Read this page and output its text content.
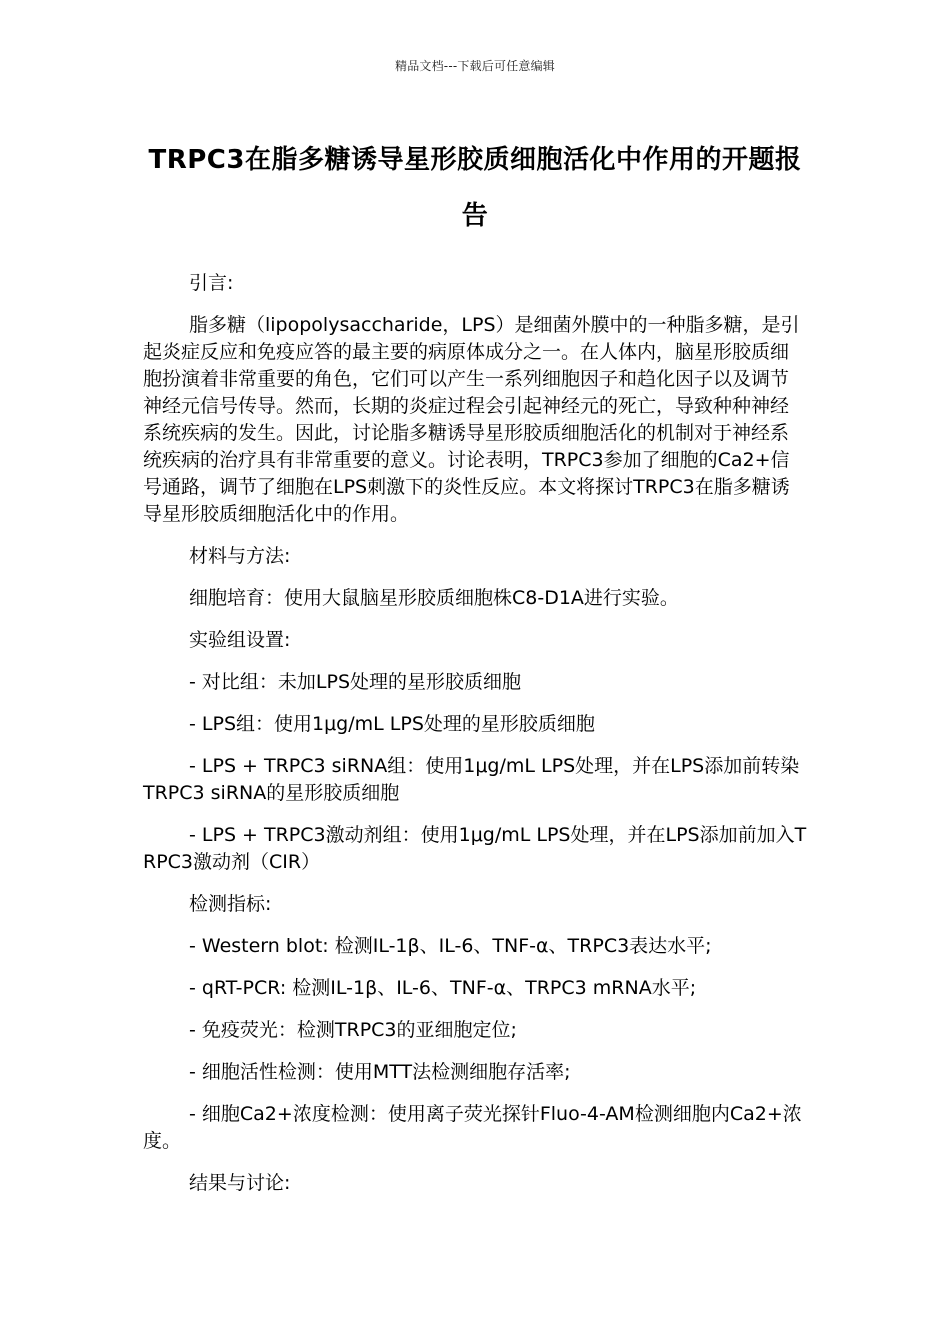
精品文档---下载后可任意编辑
TRPC3在脂多糖诱导星形胶质细胞活化中作用的开题报告

引言:

脂多糖（lipopolysaccharide，LPS）是细菌外膜中的一种脂多糖，是引起炎症反应和免疫应答的最主要的病原体成分之一。在人体内，脑星形胶质细胞扮演着非常重要的角色，它们可以产生一系列细胞因子和趋化因子以及调节神经元信号传导。然而，长期的炎症过程会引起神经元的死亡，导致种种神经系统疾病的发生。因此，讨论脂多糖诱导星形胶质细胞活化的机制对于神经系统疾病的治疗具有非常重要的意义。讨论表明，TRPC3参加了细胞的Ca2+信号通路，调节了细胞在LPS刺激下的炎性反应。本文将探讨TRPC3在脂多糖诱导星形胶质细胞活化中的作用。

材料与方法:

细胞培育：使用大鼠脑星形胶质细胞株C8-D1A进行实验。

实验组设置:

- 对比组：未加LPS处理的星形胶质细胞

- LPS组：使用1μg/mL LPS处理的星形胶质细胞

- LPS + TRPC3 siRNA组：使用1μg/mL LPS处理，并在LPS添加前转染TRPC3 siRNA的星形胶质细胞

- LPS + TRPC3激动剂组：使用1μg/mL LPS处理，并在LPS添加前加入TRPC3激动剂（CIR）

检测指标:

- Western blot: 检测IL-1β、IL-6、TNF-α、TRPC3表达水平;

- qRT-PCR: 检测IL-1β、IL-6、TNF-α、TRPC3 mRNA水平;

- 免疫荧光：检测TRPC3的亚细胞定位;

- 细胞活性检测：使用MTT法检测细胞存活率;

- 细胞Ca2+浓度检测：使用离子荧光探针Fluo-4-AM检测细胞内Ca2+浓度。

结果与讨论:
